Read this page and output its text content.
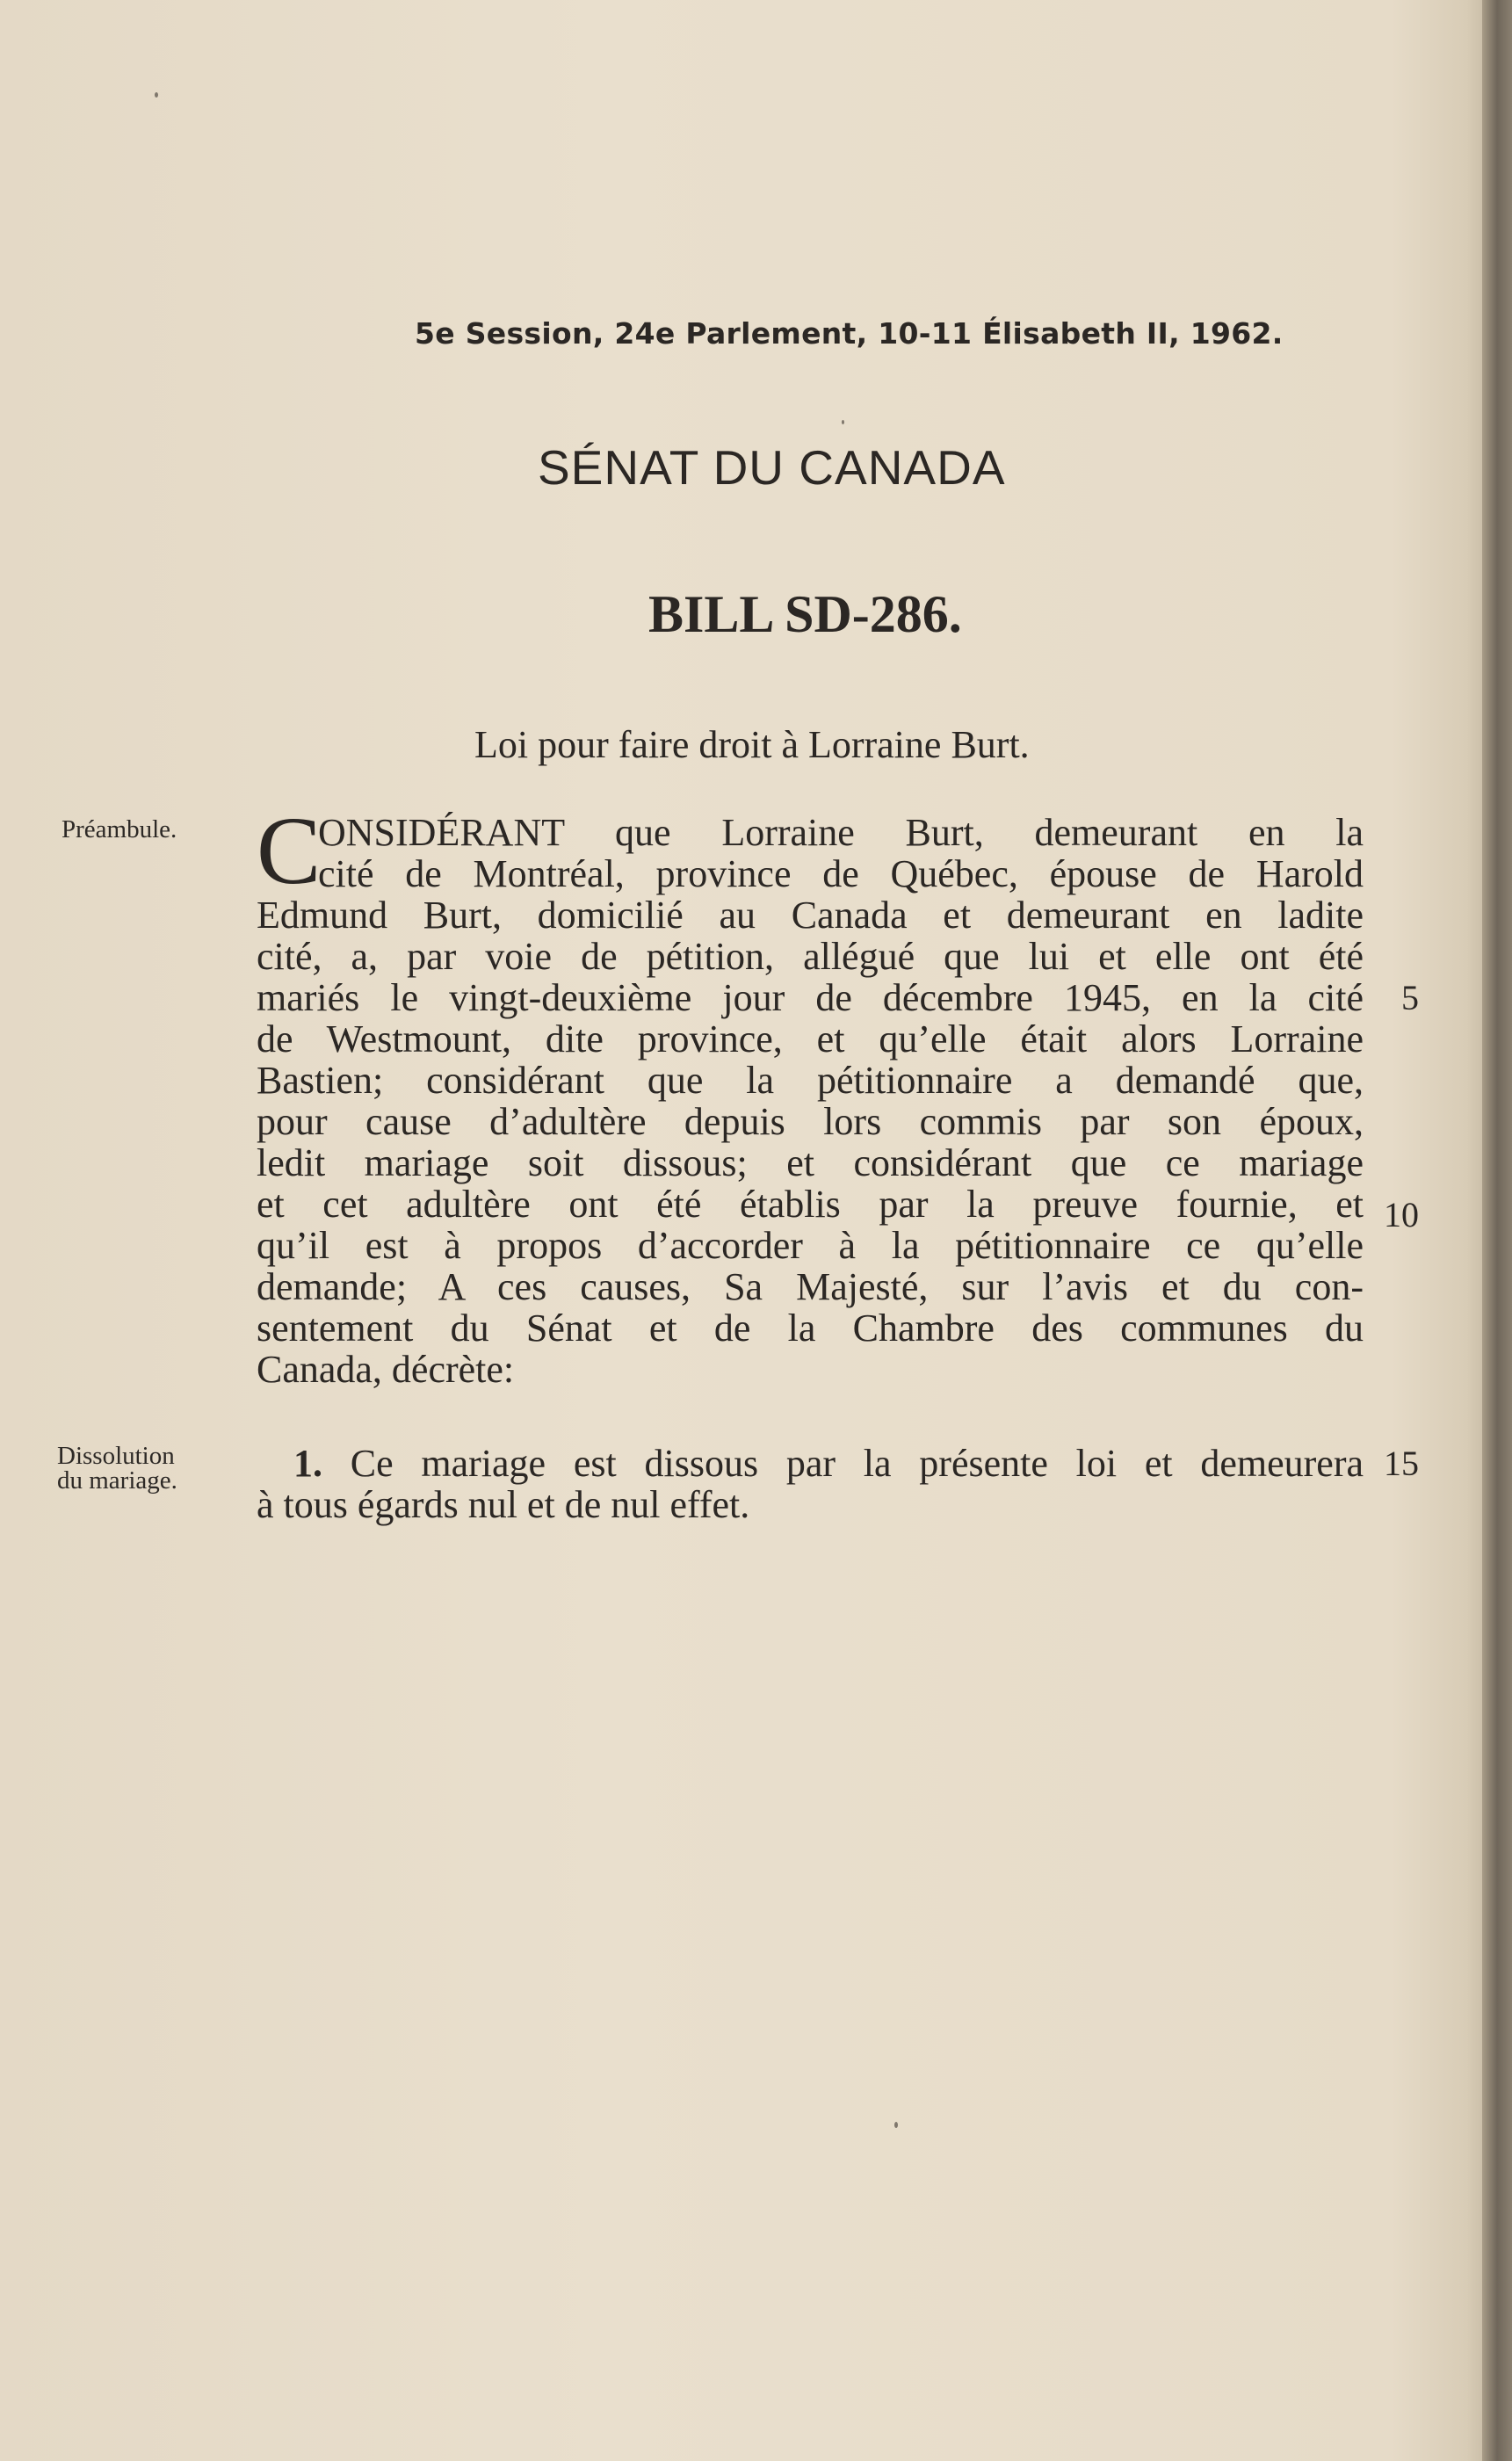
5e Session, 24e Parlement, 10-11 Élisabeth II, 1962.
SÉNAT DU CANADA
BILL SD-286.
Loi pour faire droit à Lorraine Burt.
Préambule.
Dissolution
du mariage.
C
ONSIDÉRANT que Lorraine Burt, demeurant en la
cité de Montréal, province de Québec, épouse de Harold
Edmund Burt, domicilié au Canada et demeurant en ladite
cité, a, par voie de pétition, allégué que lui et elle ont été
mariés le vingt-deuxième jour de décembre 1945, en la cité
de Westmount, dite province, et qu’elle était alors Lorraine
Bastien; considérant que la pétitionnaire a demandé que,
pour cause d’adultère depuis lors commis par son époux,
ledit mariage soit dissous; et considérant que ce mariage
et cet adultère ont été établis par la preuve fournie, et
qu’il est à propos d’accorder à la pétitionnaire ce qu’elle
demande; A ces causes, Sa Majesté, sur l’avis et du con-
sentement du Sénat et de la Chambre des communes du
Canada, décrète:
1. Ce mariage est dissous par la présente loi et demeurera
à tous égards nul et de nul effet.
5
10
15
